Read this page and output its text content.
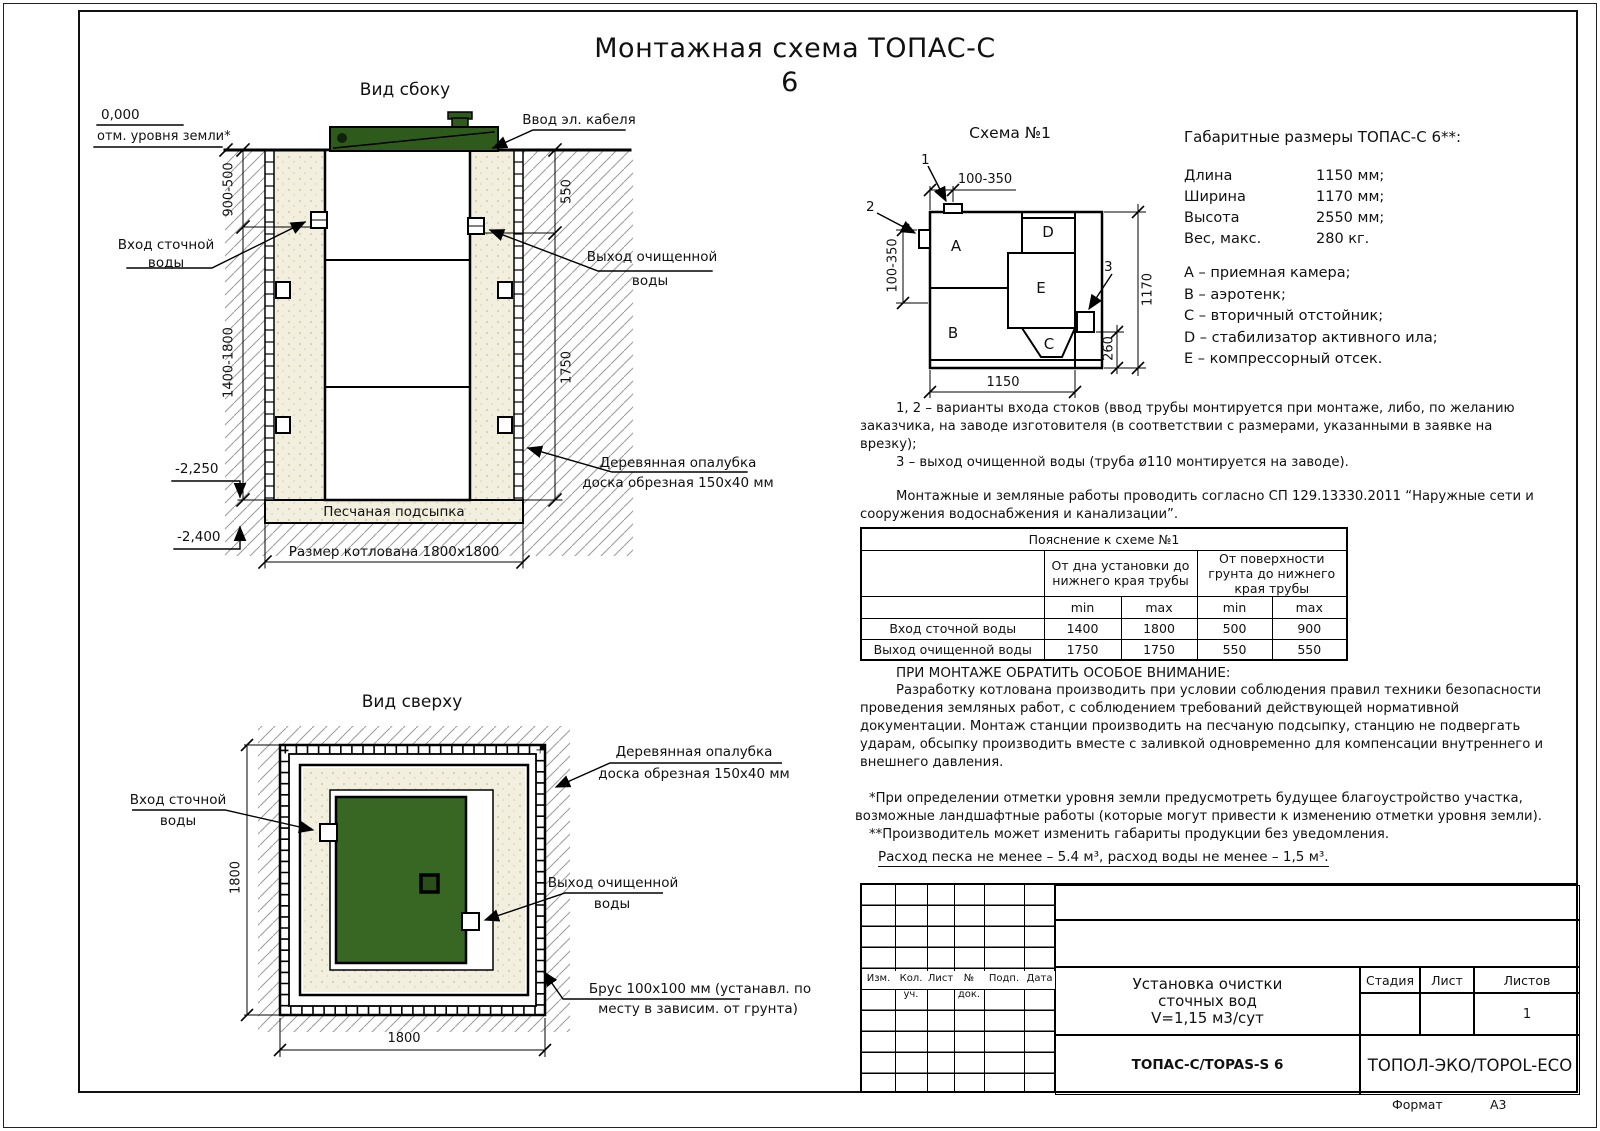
Монтажная схема ТОПАС-С
6
Вид сбоку
0,000
отм. уровня земли*
Ввод эл. кабеля
Вход сточной
воды	Выход очищенной
воды
900-500
1400-1800
550
1750
-2,250
-2,400
Песчаная подсыпка
Размер котлована 1800x1800
Деревянная опалубка
доска обрезная 150x40 мм
Вид сверху
Вход сточной
воды
Выход очищенной
воды
Деревянная опалубка
доска обрезная 150x40 мм
Брус 100x100 мм (устанавл. по
месту в зависим. от грунта)
1800
1800
Схема №1
A
B
C
D
E
1
2
3
100-350
100-350	1170
260
1150
Габаритные размеры ТОПАС-С 6**:
Длина	1150 мм;
Ширина	1170 мм;
Высота	2550 мм;
Вес, макс.	280 кг.
A – приемная камера;
B – аэротенк;
C – вторичный отстойник;
D – стабилизатор активного ила;
E – компрессорный отсек.

1, 2 – варианты входа стоков (ввод трубы монтируется при монтаже, либо, по желанию заказчика, на заводе изготовителя (в соответствии с размерами, указанными в заявке на врезку);

3 – выход очищенной воды (труба ø110 монтируется на заводе).

Монтажные и земляные работы проводить согласно СП 129.13330.2011 “Наружные сети и сооружения водоснабжения и канализации”.

Пояснение к схеме №1				
	От дна установки до нижнего края трубы		От поверхности грунта до нижнего края трубы	
	min	max	min	max
Вход сточной воды	1400	1800	500	900
Выход очищенной воды	1750	1750	550	550
ПРИ МОНТАЖЕ ОБРАТИТЬ ОСОБОЕ ВНИМАНИЕ:
Разработку котлована производить при условии соблюдения правил техники безопасности проведения земляных работ, с соблюдением требований действующей нормативной документации. Монтаж станции производить на песчаную подсыпку, станцию не подвергать ударам, обсыпку производить вместе с заливкой одновременно для компенсации внутреннего и внешнего давления.

*При определении отметки уровня земли предусмотреть будущее благоустройство участка, возможные ландшафтные работы (которые могут привести к изменению отметки уровня земли).

**Производитель может изменить габариты продукции без уведомления.

Расход песка не менее – 5.4 м³, расход воды не менее – 1,5 м³.
Изм. Кол. уч.
Лист	№ док.
Подп. Дата	Установка очистки
сточных вод
V=1,15 м3/сут
ТОПАС-С/TOPAS-S 6
Стадия	Лист	Листов
1
ТОПОЛ-ЭКО/TOPOL-ECO
Формат	А3
